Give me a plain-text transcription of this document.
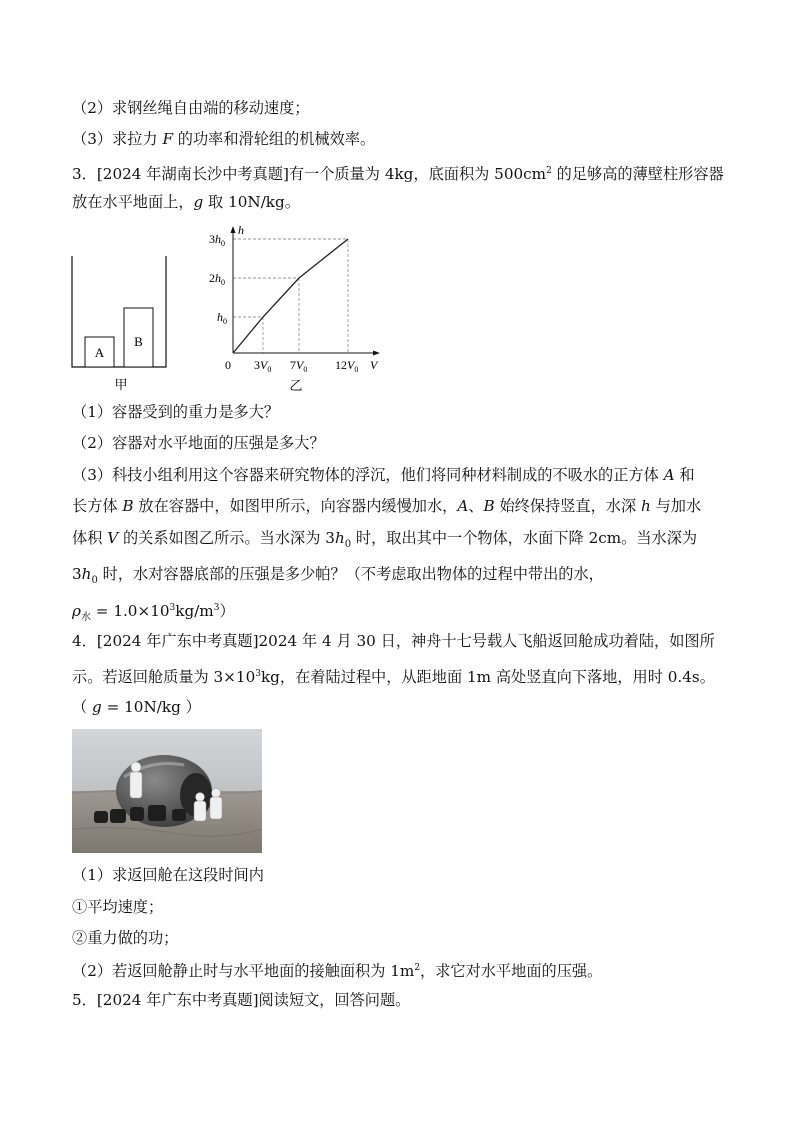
（2）求钢丝绳自由端的移动速度；
（3）求拉力 F 的功率和滑轮组的机械效率。
3．[2024 年湖南长沙中考真题]有一个质量为 4kg，底面积为 $500cm^2$ 的足够高的薄壁柱形容器
放在水平地面上，g 取 10N/kg。
A
B
甲
h
V
0
$h_0$
$2h_0$
$3h_0$
$3V_0$ $7V_0$ $12V_0$
乙
（1）容器受到的重力是多大？
（2）容器对水平地面的压强是多大？
（3）科技小组利用这个容器来研究物体的浮沉，他们将同种材料制成的不吸水的正方体 A 和
长方体 B 放在容器中，如图甲所示，向容器内缓慢加水，A、B 始终保持竖直，水深 h 与加水
体积 V 的关系如图乙所示。当水深为 $3h_0$ 时，取出其中一个物体，水面下降 2cm。当水深为
$3h_0$ 时，水对容器底部的压强是多少帕？（不考虑取出物体的过程中带出的水，
$\rho_水 = 1.0\times 10^3kg/m^3$）
4．[2024 年广东中考真题]2024 年 4 月 30 日，神舟十七号载人飞船返回舱成功着陆，如图所
示。若返回舱质量为 $3\times 10^3kg$，在着陆过程中，从距地面 1m 高处竖直向下落地，用时 0.4s。
（ g = 10N/kg ）
（1）求返回舱在这段时间内
①平均速度；
②重力做的功；
（2）若返回舱静止时与水平地面的接触面积为 $1m^2$，求它对水平地面的压强。
5．[2024 年广东中考真题]阅读短文，回答问题。
